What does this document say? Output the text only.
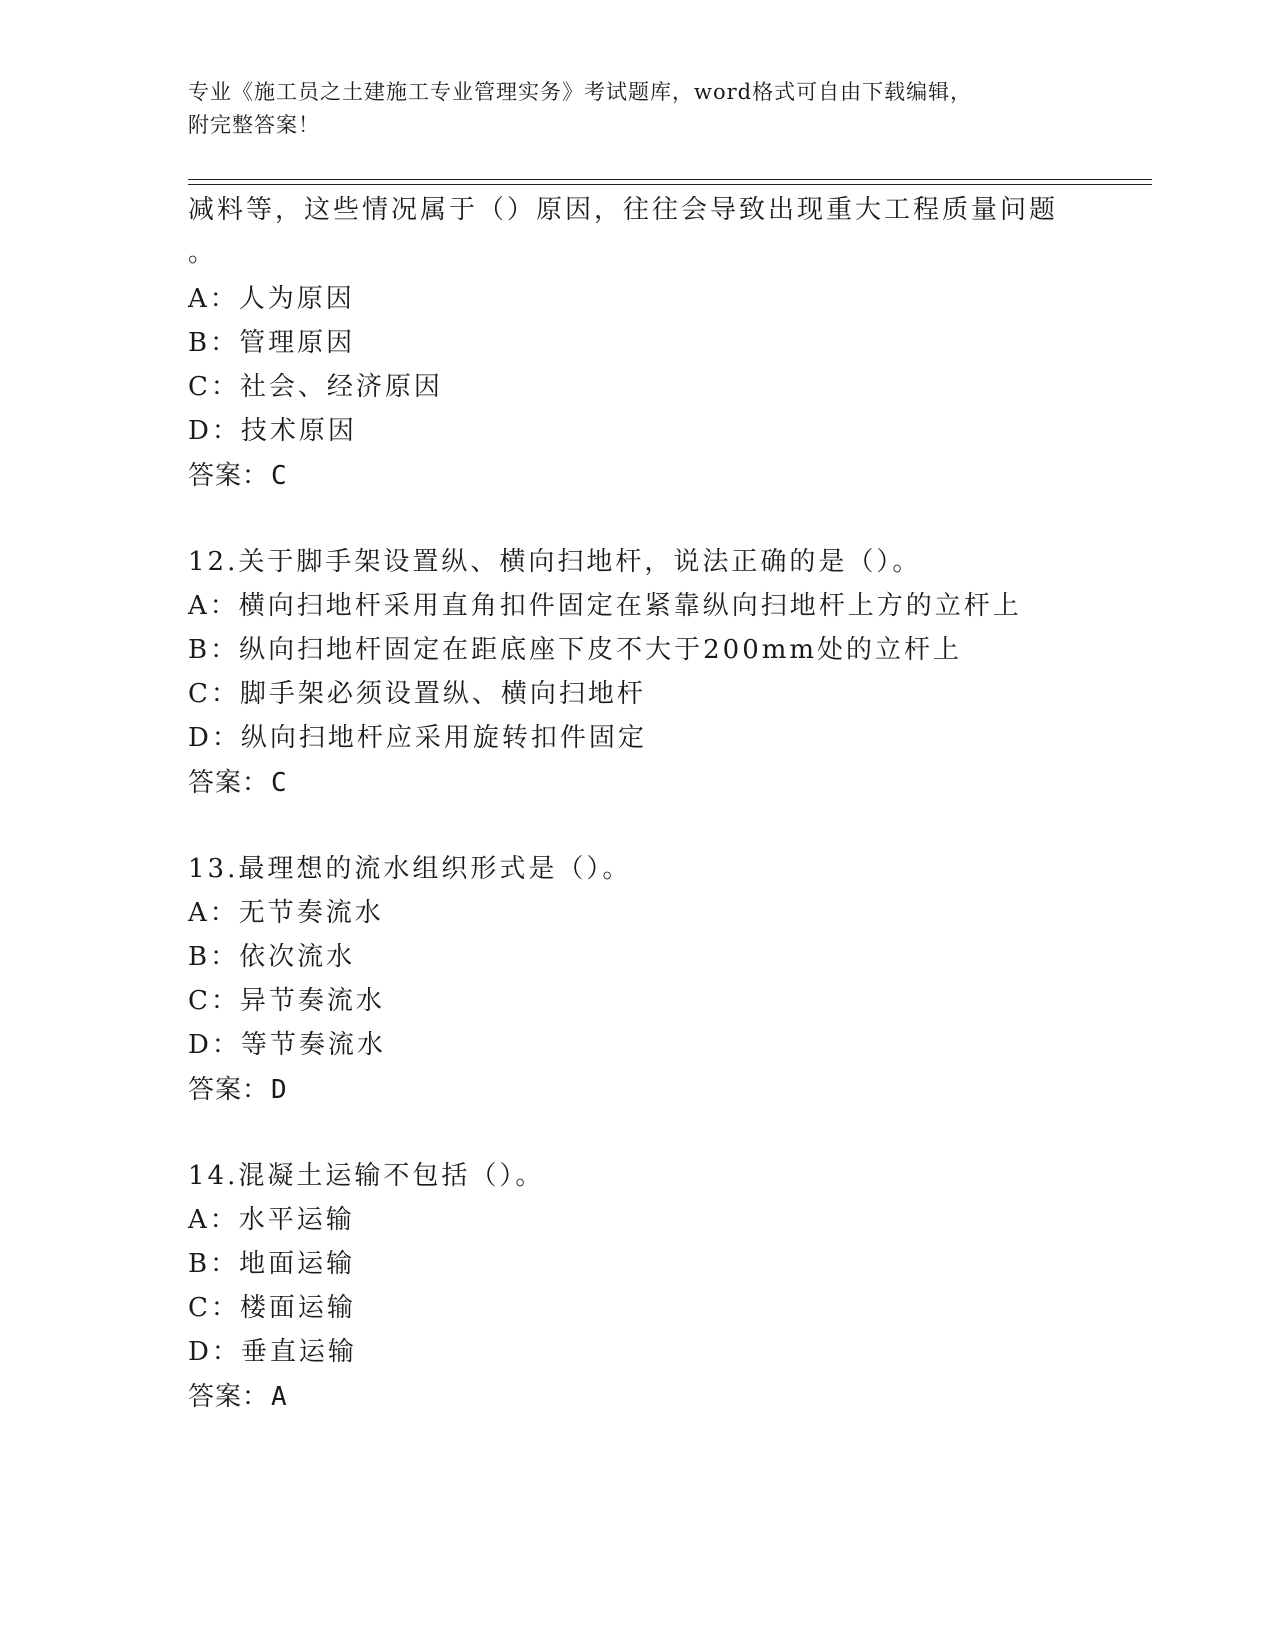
专业《施工员之土建施工专业管理实务》考试题库，word格式可自由下载编辑，
附完整答案！
减料等，这些情况属于（）原因，往往会导致出现重大工程质量问题
。
A：人为原因
B：管理原因
C：社会、经济原因
D：技术原因
答案：C
12.关于脚手架设置纵、横向扫地杆，说法正确的是（）。
A：横向扫地杆采用直角扣件固定在紧靠纵向扫地杆上方的立杆上
B：纵向扫地杆固定在距底座下皮不大于200mm处的立杆上
C：脚手架必须设置纵、横向扫地杆
D：纵向扫地杆应采用旋转扣件固定
答案：C
13.最理想的流水组织形式是（）。
A：无节奏流水
B：依次流水
C：异节奏流水
D：等节奏流水
答案：D
14.混凝土运输不包括（）。
A：水平运输
B：地面运输
C：楼面运输
D：垂直运输
答案：A
